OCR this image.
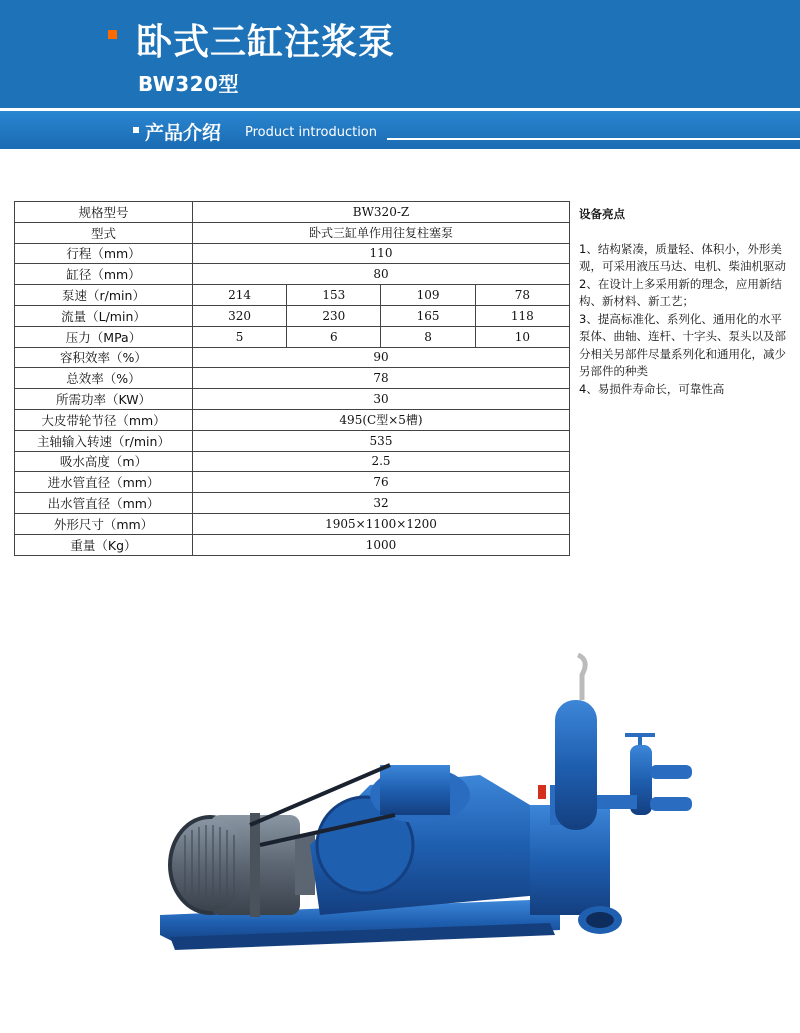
卧式三缸注浆泵
BW320型
产品介绍 Product introduction
规格型号	BW320-Z			
型式	卧式三缸单作用往复柱塞泵			
行程（mm）	110			
缸径（mm）	80			
泵速（r/min）	214	153	109	78
流量（L/min）	320	230	165	118
压力（MPa）	5	6	8	10
容积效率（%）	90			
总效率（%）	78			
所需功率（KW）	30			
大皮带轮节径（mm）	495(C型×5槽)			
主轴输入转速（r/min）	535			
吸水高度（m）	2.5			
进水管直径（mm）	76			
出水管直径（mm）	32			
外形尺寸（mm）	1905×1100×1200			
重量（Kg）	1000			
设备亮点

1、结构紧凑，质量轻、体积小，外形美观，可采用液压马达、电机、柴油机驱动

2、在设计上多采用新的理念，应用新结构、新材料、新工艺；

3、提高标准化、系列化、通用化的水平泵体、曲轴、连杆、十字头、泵头以及部分相关另部件尽量系列化和通用化，减少另部件的种类

4、易损件寿命长，可靠性高
